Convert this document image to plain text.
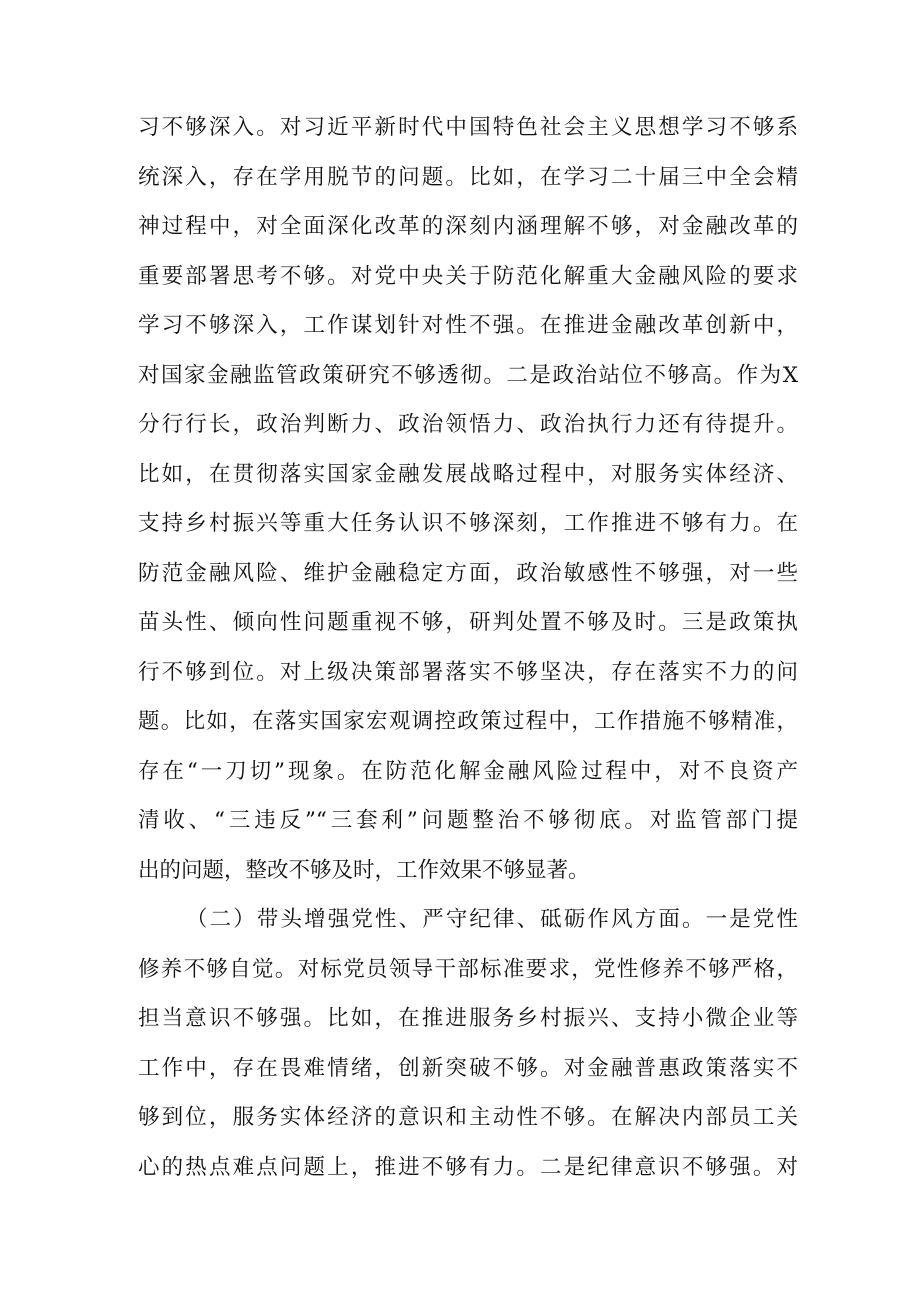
习不够深入。对习近平新时代中国特色社会主义思想学习不够系
统深入，存在学用脱节的问题。比如，在学习二十届三中全会精
神过程中，对全面深化改革的深刻内涵理解不够，对金融改革的
重要部署思考不够。对党中央关于防范化解重大金融风险的要求
学习不够深入，工作谋划针对性不强。在推进金融改革创新中，
对国家金融监管政策研究不够透彻。二是政治站位不够高。作为X
分行行长，政治判断力、政治领悟力、政治执行力还有待提升。
比如，在贯彻落实国家金融发展战略过程中，对服务实体经济、
支持乡村振兴等重大任务认识不够深刻，工作推进不够有力。在
防范金融风险、维护金融稳定方面，政治敏感性不够强，对一些
苗头性、倾向性问题重视不够，研判处置不够及时。三是政策执
行不够到位。对上级决策部署落实不够坚决，存在落实不力的问
题。比如，在落实国家宏观调控政策过程中，工作措施不够精准，
存在“一刀切”现象。在防范化解金融风险过程中，对不良资产
清收、“三违反”“三套利”问题整治不够彻底。对监管部门提
出的问题，整改不够及时，工作效果不够显著。
（二）带头增强党性、严守纪律、砥砺作风方面。一是党性
修养不够自觉。对标党员领导干部标准要求，党性修养不够严格，
担当意识不够强。比如，在推进服务乡村振兴、支持小微企业等
工作中，存在畏难情绪，创新突破不够。对金融普惠政策落实不
够到位，服务实体经济的意识和主动性不够。在解决内部员工关
心的热点难点问题上，推进不够有力。二是纪律意识不够强。对
